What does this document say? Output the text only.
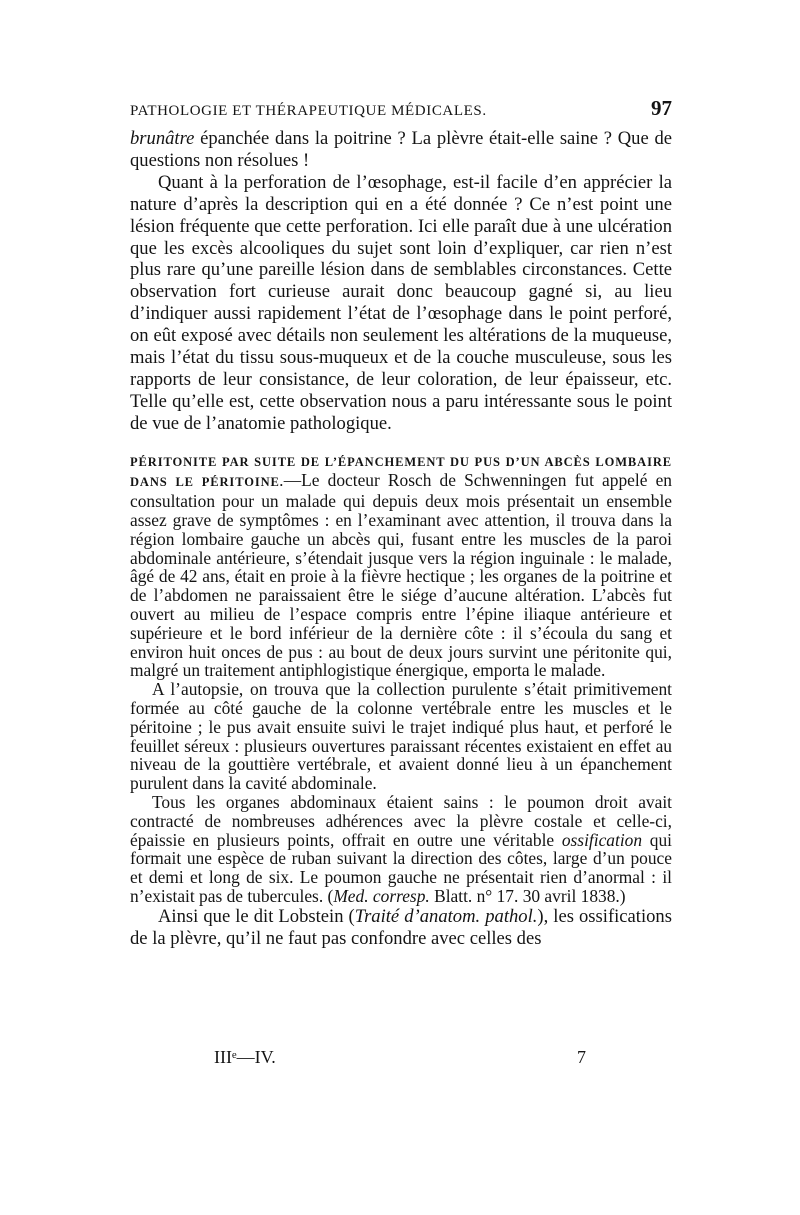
PATHOLOGIE ET THÉRAPEUTIQUE MÉDICALES.	97

brunâtre épanchée dans la poitrine ? La plèvre était-elle saine ? Que de questions non résolues !

Quant à la perforation de l’œsophage, est-il facile d’en apprécier la nature d’après la description qui en a été donnée ? Ce n’est point une lésion fréquente que cette perforation. Ici elle paraît due à une ulcération que les excès alcooliques du sujet sont loin d’expliquer, car rien n’est plus rare qu’une pareille lésion dans de semblables circonstances. Cette observation fort curieuse aurait donc beaucoup gagné si, au lieu d’indiquer aussi rapidement l’état de l’œsophage dans le point perforé, on eût exposé avec détails non seulement les altérations de la muqueuse, mais l’état du tissu sous-muqueux et de la couche musculeuse, sous les rapports de leur consistance, de leur coloration, de leur épaisseur, etc. Telle qu’elle est, cette observation nous a paru intéressante sous le point de vue de l’anatomie pathologique.

PÉRITONITE PAR SUITE DE L’ÉPANCHEMENT DU PUS D’UN ABCÈS LOMBAIRE DANS LE PÉRITOINE.—Le docteur Rosch de Schwenningen fut appelé en consultation pour un malade qui depuis deux mois présentait un ensemble assez grave de symptômes : en l’examinant avec attention, il trouva dans la région lombaire gauche un abcès qui, fusant entre les muscles de la paroi abdominale antérieure, s’étendait jusque vers la région inguinale : le malade, âgé de 42 ans, était en proie à la fièvre hectique ; les organes de la poitrine et de l’abdomen ne paraissaient être le siége d’aucune altération. L’abcès fut ouvert au milieu de l’espace compris entre l’épine iliaque antérieure et supérieure et le bord inférieur de la dernière côte : il s’écoula du sang et environ huit onces de pus : au bout de deux jours survint une péritonite qui, malgré un traitement antiphlogistique énergique, emporta le malade.

A l’autopsie, on trouva que la collection purulente s’était primitivement formée au côté gauche de la colonne vertébrale entre les muscles et le péritoine ; le pus avait ensuite suivi le trajet indiqué plus haut, et perforé le feuillet séreux : plusieurs ouvertures paraissant récentes existaient en effet au niveau de la gouttière vertébrale, et avaient donné lieu à un épanchement purulent dans la cavité abdominale.

Tous les organes abdominaux étaient sains : le poumon droit avait contracté de nombreuses adhérences avec la plèvre costale et celle-ci, épaissie en plusieurs points, offrait en outre une véritable ossification qui formait une espèce de ruban suivant la direction des côtes, large d’un pouce et demi et long de six. Le poumon gauche ne présentait rien d’anormal : il n’existait pas de tubercules. (Med. corresp. Blatt. n° 17. 30 avril 1838.)

Ainsi que le dit Lobstein (Traité d’anatom. pathol.), les ossifications de la plèvre, qu’il ne faut pas confondre avec celles des

IIIᵉ—IV.	7
